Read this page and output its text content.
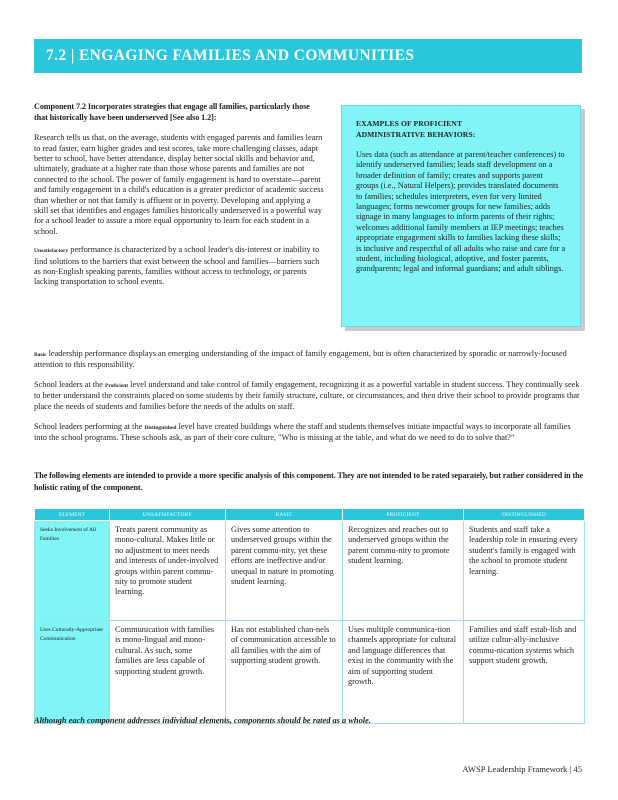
7.2 | ENGAGING FAMILIES AND COMMUNITIES
Component 7.2 Incorporates strategies that engage all families, particularly those that historically have been underserved [See also 1.2]:

Research tells us that, on the average, students with engaged parents and families learn to read faster, earn higher grades and test scores, take more challenging classes, adapt better to school, have better attendance, display better social skills and behavior and, ultimately, graduate at a higher rate than those whose parents and families are not connected to the school. The power of family engagement is hard to overstate—parent and family engagement in a child's education is a greater predictor of academic success than whether or not that family is affluent or in poverty. Developing and applying a skill set that identifies and engages families historically underserved is a powerful way for a school leader to assure a more equal opportunity to learn for each student in a school.

Unsatisfactory performance is characterized by a school leader's dis-interest or inability to find solutions to the barriers that exist between the school and families—barriers such as non-English speaking parents, families without access to technology, or parents lacking transportation to school events.

EXAMPLES OF PROFICIENT
ADMINISTRATIVE BEHAVIORS:

Uses data (such as attendance at parent/teacher conferences) to identify underserved families; leads staff development on a broader definition of family; creates and supports parent groups (i.e., Natural Helpers); provides translated documents to families; schedules interpreters, even for very limited languages; forms newcomer groups for new families; adds signage in many languages to inform parents of their rights; welcomes additional family members at IEP meetings; teaches appropriate engagement skills to families lacking these skills; is inclusive and respectful of all adults who raise and care for a student, including biological, adoptive, and foster parents, grandparents; legal and informal guardians; and adult siblings.

Basic leadership performance displays an emerging understanding of the impact of family engagement, but is often characterized by sporadic or narrowly-focused attention to this responsibility.

School leaders at the Proficient level understand and take control of family engagement, recognizing it as a powerful variable in student success. They continually seek to better understand the constraints placed on some students by their family structure, culture, or circumstances, and then drive their school to provide programs that place the needs of students and families before the needs of the adults on staff.

School leaders performing at the Distinguished level have created buildings where the staff and students themselves initiate impactful ways to incorporate all families into the school programs. These schools ask, as part of their core culture, "Who is missing at the table, and what do we need to do to solve that?"

The following elements are intended to provide a more specific analysis of this component. They are not intended to be rated separately, but rather considered in the holistic rating of the component.
ELEMENT	UNSATISFACTORY	BASIC	PROFICIENT	DISTINGUISHED
Seeks Involvement of All Families	Treats parent community as mono-cultural. Makes little or no adjustment to meet needs and interests of under-involved groups within parent commu-nity to promote student learning.	Gives some attention to underserved groups within the parent commu-nity, yet these efforts are ineffective and/or unequal in nature in promoting student learning.	Recognizes and reaches out to underserved groups within the parent commu-nity to promote student learning.	Students and staff take a leadership role in ensuring every student's family is engaged with the school to promote student learning.
Uses Culturally-Appropriate Communication	Communication with families is mono-lingual and mono-cultural. As such, some families are less capable of supporting student growth.	Has not established chan-nels of communication accessible to all families with the aim of supporting student growth.	Uses multiple communica-tion channels appropriate for cultural and language differences that exist in the community with the aim of supporting student growth.	Families and staff estab-lish and utilize cultur-ally-inclusive commu-nication systems which support student growth.
Although each component addresses individual elements, components should be rated as a whole.
AWSP Leadership Framework | 45
